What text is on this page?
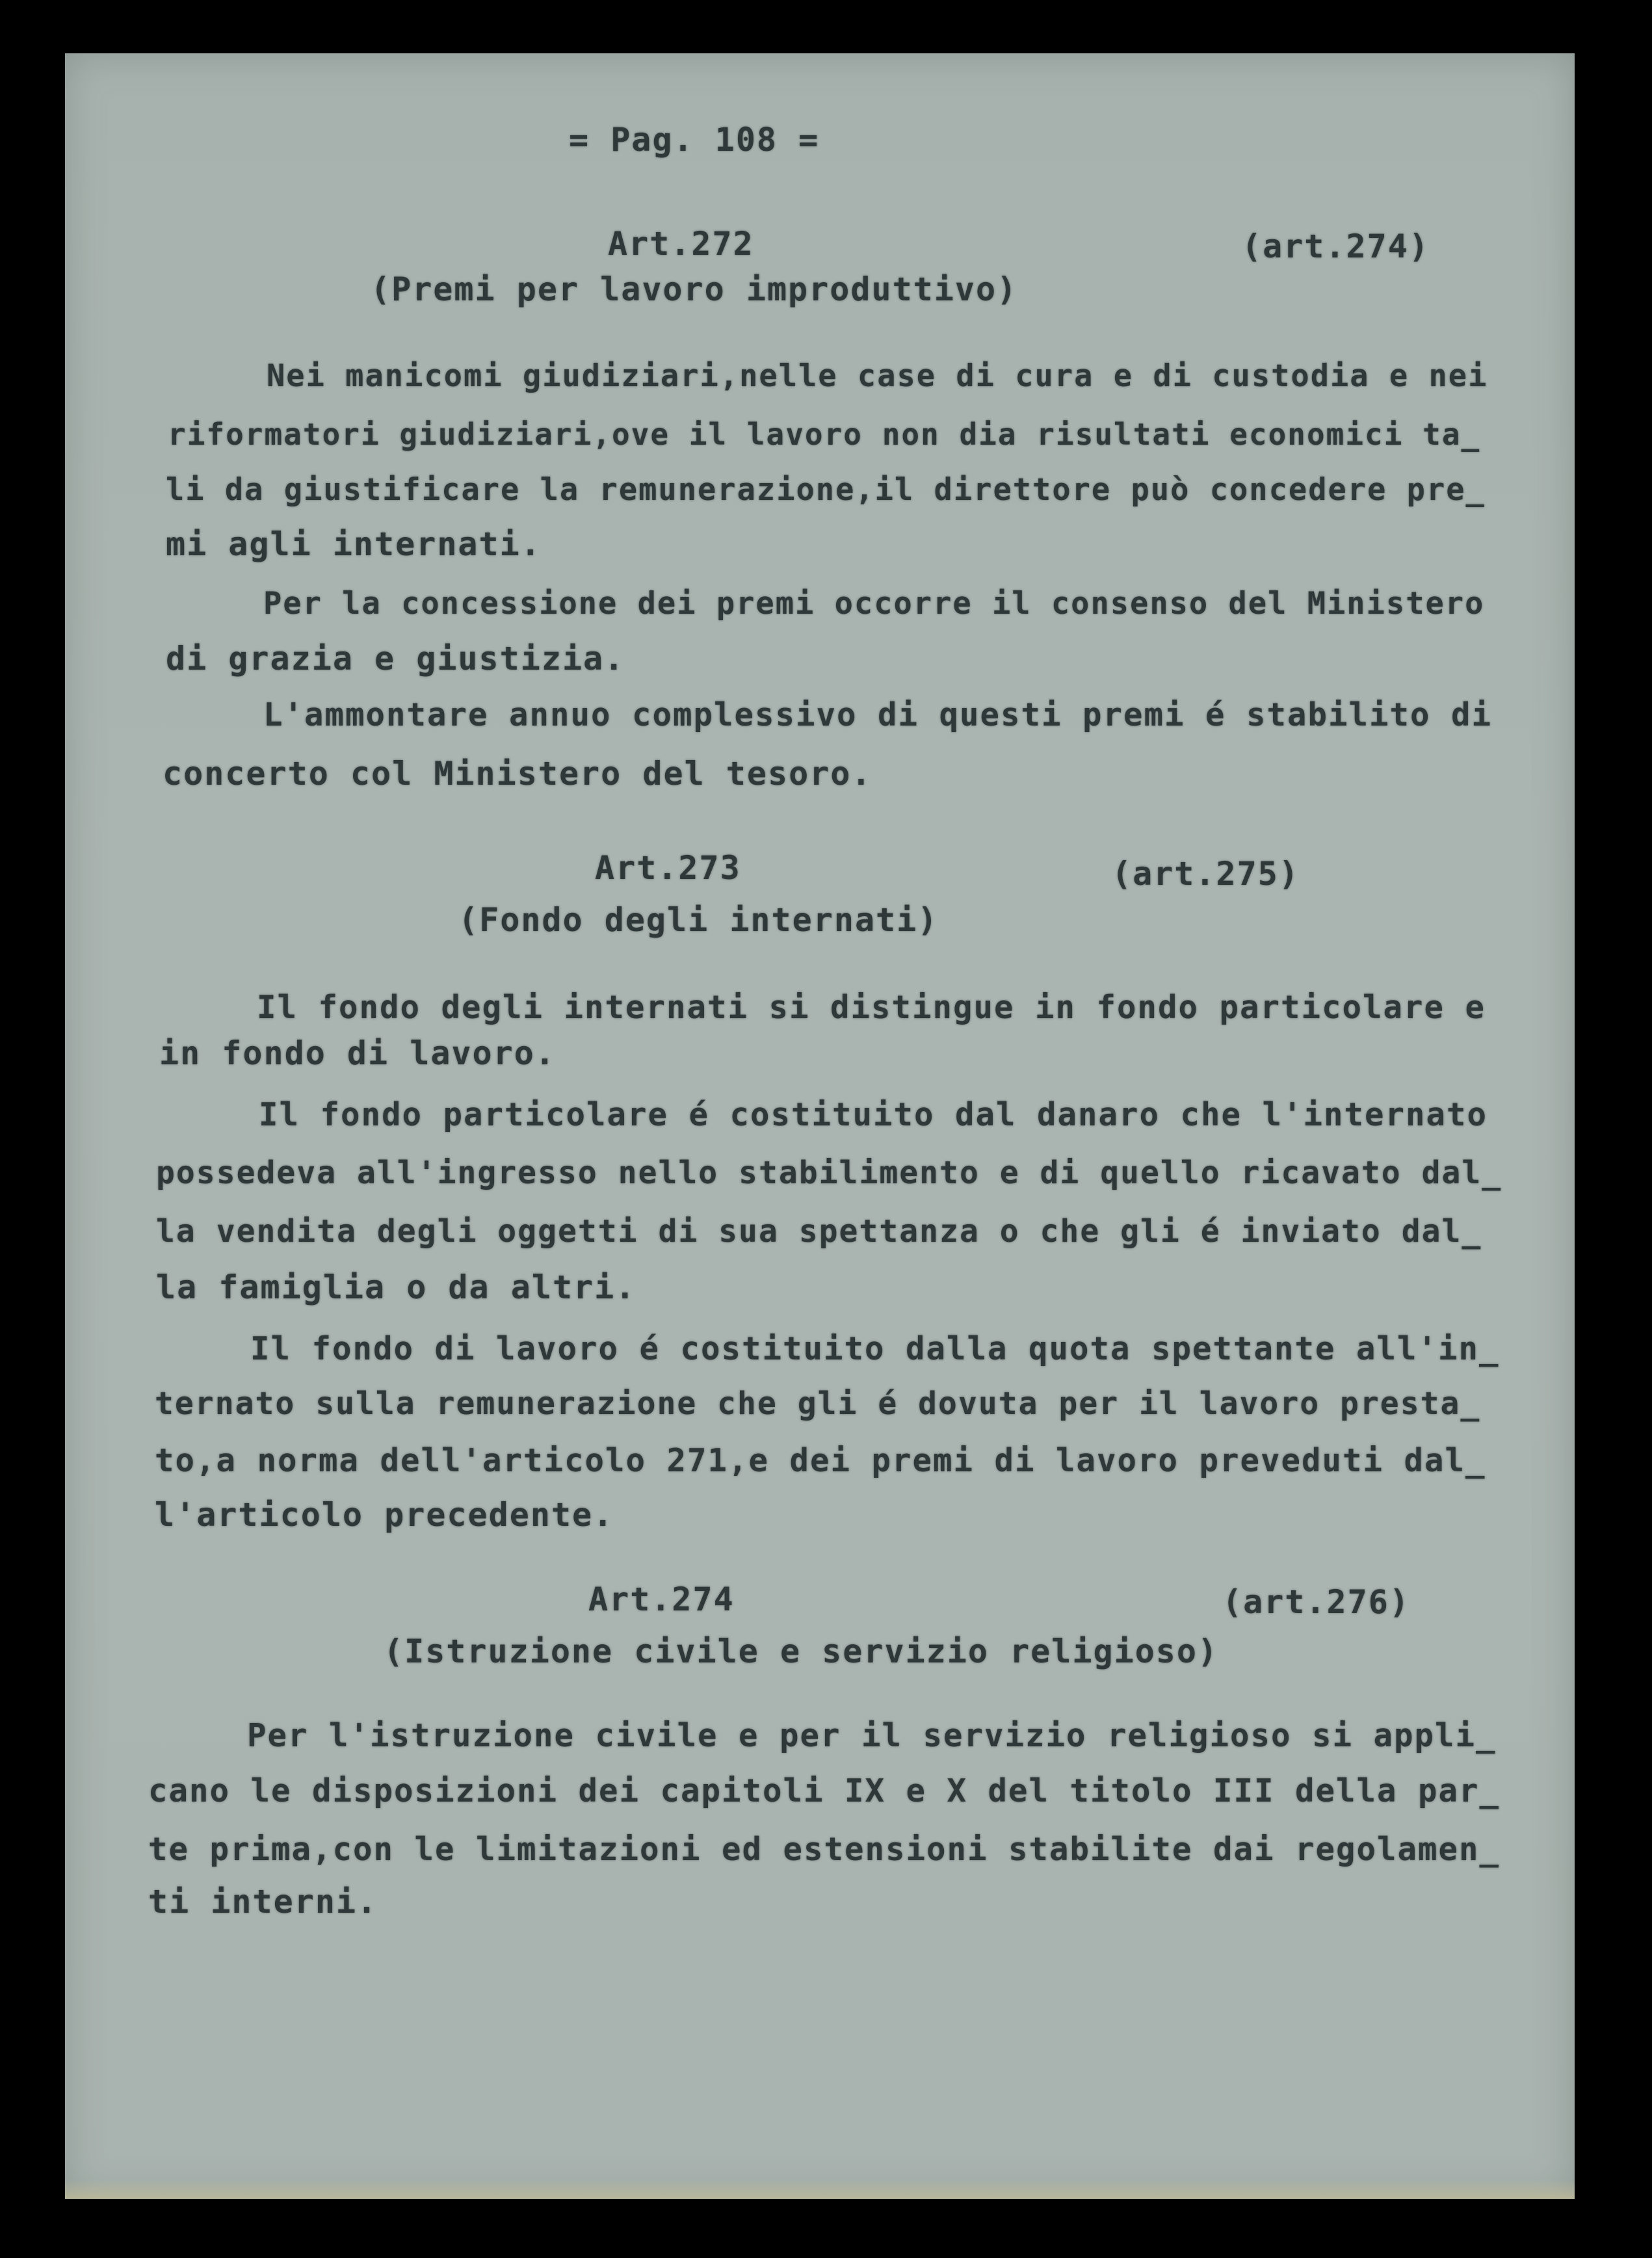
= Pag. 108 =
Art.272	(art.274)
(Premi per lavoro improduttivo)
Nei manicomi giudiziari,nelle case di cura e di custodia e nei
riformatori giudiziari,ove il lavoro non dia risultati economici ta_
li da giustificare la remunerazione,il direttore può concedere pre_
mi agli internati.
Per la concessione dei premi occorre il consenso del Ministero
di grazia e giustizia.
L'ammontare annuo complessivo di questi premi é stabilito di
concerto col Ministero del tesoro.
Art.273	(art.275)
(Fondo degli internati)
Il fondo degli internati si distingue in fondo particolare e
in fondo di lavoro.
Il fondo particolare é costituito dal danaro che l'internato
possedeva all'ingresso nello stabilimento e di quello ricavato dal_
la vendita degli oggetti di sua spettanza o che gli é inviato dal_
la famiglia o da altri.
Il fondo di lavoro é costituito dalla quota spettante all'in_
ternato sulla remunerazione che gli é dovuta per il lavoro presta_
to,a norma dell'articolo 271,e dei premi di lavoro preveduti dal_
l'articolo precedente.
Art.274	(art.276)
(Istruzione civile e servizio religioso)
Per l'istruzione civile e per il servizio religioso si appli_
cano le disposizioni dei capitoli IX e X del titolo III della par_
te prima,con le limitazioni ed estensioni stabilite dai regolamen_
ti interni.
